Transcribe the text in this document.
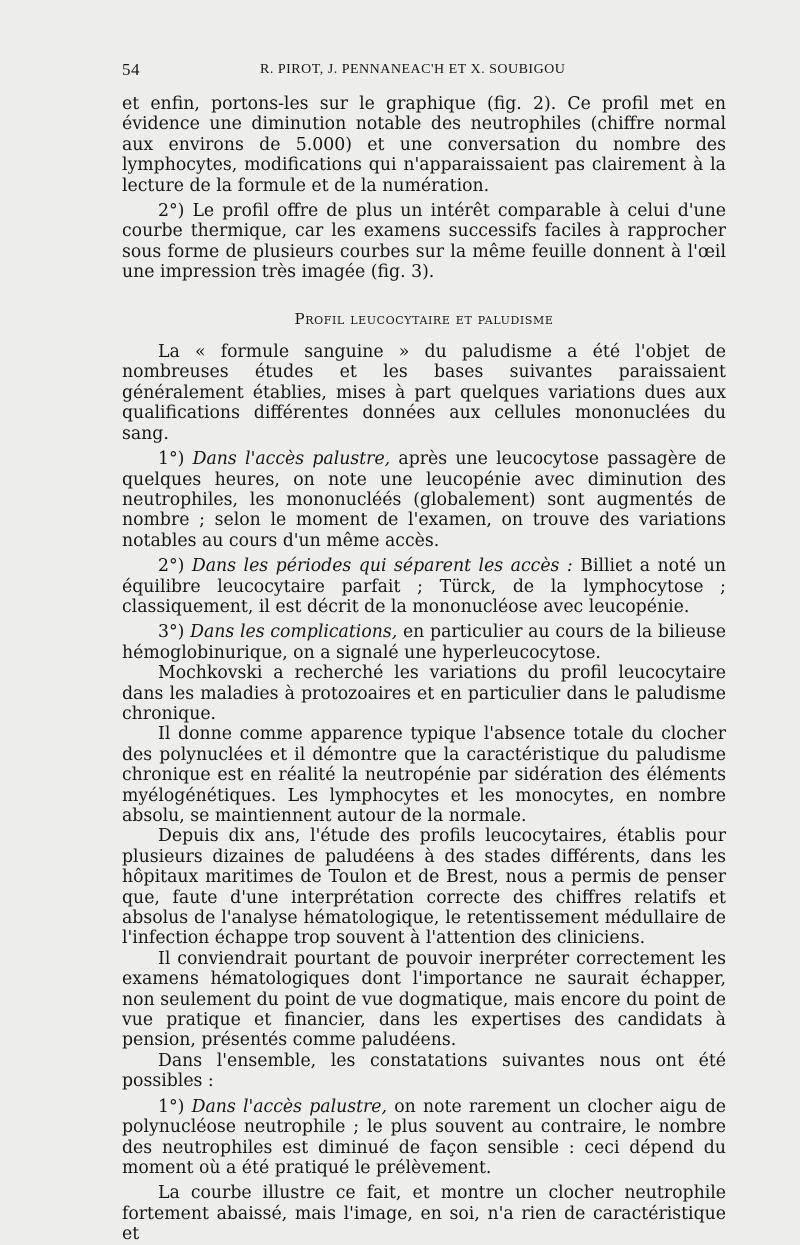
54	R. PIROT, J. PENNANEAC'H ET X. SOUBIGOU

et enfin, portons-les sur le graphique (fig. 2). Ce profil met en évidence une diminution notable des neutrophiles (chiffre normal aux environs de 5.000) et une conversation du nombre des lymphocytes, modifications qui n'apparaissaient pas clairement à la lecture de la formule et de la numération.

2°) Le profil offre de plus un intérêt comparable à celui d'une courbe thermique, car les examens successifs faciles à rapprocher sous forme de plusieurs courbes sur la même feuille donnent à l'œil une impression très imagée (fig. 3).

Profil leucocytaire et paludisme

La « formule sanguine » du paludisme a été l'objet de nombreuses études et les bases suivantes paraissaient généralement établies, mises à part quelques variations dues aux qualifications différentes données aux cellules mononuclées du sang.

1°) Dans l'accès palustre, après une leucocytose passagère de quelques heures, on note une leucopénie avec diminution des neutrophiles, les mononucléés (globalement) sont augmentés de nombre ; selon le moment de l'examen, on trouve des variations notables au cours d'un même accès.

2°) Dans les périodes qui séparent les accès : Billiet a noté un équilibre leucocytaire parfait ; Türck, de la lymphocytose ; classiquement, il est décrit de la mononucléose avec leucopénie.

3°) Dans les complications, en particulier au cours de la bilieuse hémoglobinurique, on a signalé une hyperleucocytose.

Mochkovski a recherché les variations du profil leucocytaire dans les maladies à protozoaires et en particulier dans le paludisme chronique.

Il donne comme apparence typique l'absence totale du clocher des polynuclées et il démontre que la caractéristique du paludisme chronique est en réalité la neutropénie par sidération des éléments myélogénétiques. Les lymphocytes et les monocytes, en nombre absolu, se maintiennent autour de la normale.

Depuis dix ans, l'étude des profils leucocytaires, établis pour plusieurs dizaines de paludéens à des stades différents, dans les hôpitaux maritimes de Toulon et de Brest, nous a permis de penser que, faute d'une interprétation correcte des chiffres relatifs et absolus de l'analyse hématologique, le retentissement médullaire de l'infection échappe trop souvent à l'attention des cliniciens.

Il conviendrait pourtant de pouvoir inerpréter correctement les examens hématologiques dont l'importance ne saurait échapper, non seulement du point de vue dogmatique, mais encore du point de vue pratique et financier, dans les expertises des candidats à pension, présentés comme paludéens.

Dans l'ensemble, les constatations suivantes nous ont été possibles :

1°) Dans l'accès palustre, on note rarement un clocher aigu de polynucléose neutrophile ; le plus souvent au contraire, le nombre des neutrophiles est diminué de façon sensible : ceci dépend du moment où a été pratiqué le prélèvement.

La courbe illustre ce fait, et montre un clocher neutrophile fortement abaissé, mais l'image, en soi, n'a rien de caractéristique et
